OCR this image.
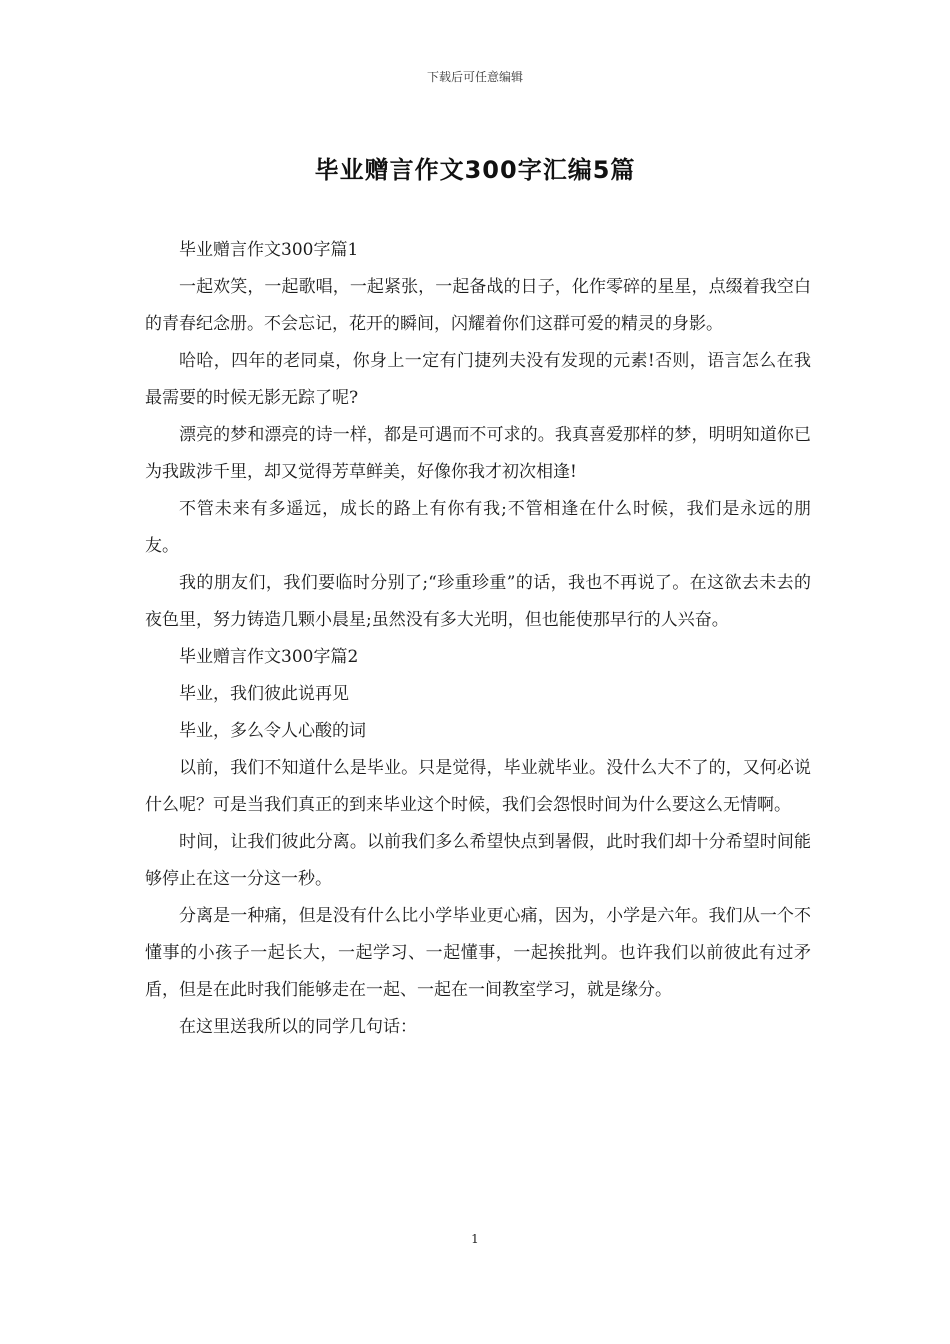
下载后可任意编辑
毕业赠言作文300字汇编5篇

毕业赠言作文300字篇1

一起欢笑，一起歌唱，一起紧张，一起备战的日子，化作零碎的星星，点缀着我空白的青春纪念册。不会忘记，花开的瞬间，闪耀着你们这群可爱的精灵的身影。

哈哈，四年的老同桌，你身上一定有门捷列夫没有发现的元素!否则，语言怎么在我最需要的时候无影无踪了呢?

漂亮的梦和漂亮的诗一样，都是可遇而不可求的。我真喜爱那样的梦，明明知道你已为我跋涉千里，却又觉得芳草鲜美，好像你我才初次相逢!

不管未来有多遥远，成长的路上有你有我;不管相逢在什么时候，我们是永远的朋友。

我的朋友们，我们要临时分别了;“珍重珍重”的话，我也不再说了。在这欲去未去的夜色里，努力铸造几颗小晨星;虽然没有多大光明，但也能使那早行的人兴奋。

毕业赠言作文300字篇2

毕业，我们彼此说再见

毕业，多么令人心酸的词

以前，我们不知道什么是毕业。只是觉得，毕业就毕业。没什么大不了的，又何必说什么呢？可是当我们真正的到来毕业这个时候，我们会怨恨时间为什么要这么无情啊。

时间，让我们彼此分离。以前我们多么希望快点到暑假，此时我们却十分希望时间能够停止在这一分这一秒。

分离是一种痛，但是没有什么比小学毕业更心痛，因为，小学是六年。我们从一个不懂事的小孩子一起长大，一起学习、一起懂事，一起挨批判。也许我们以前彼此有过矛盾，但是在此时我们能够走在一起、一起在一间教室学习，就是缘分。

在这里送我所以的同学几句话：

1
